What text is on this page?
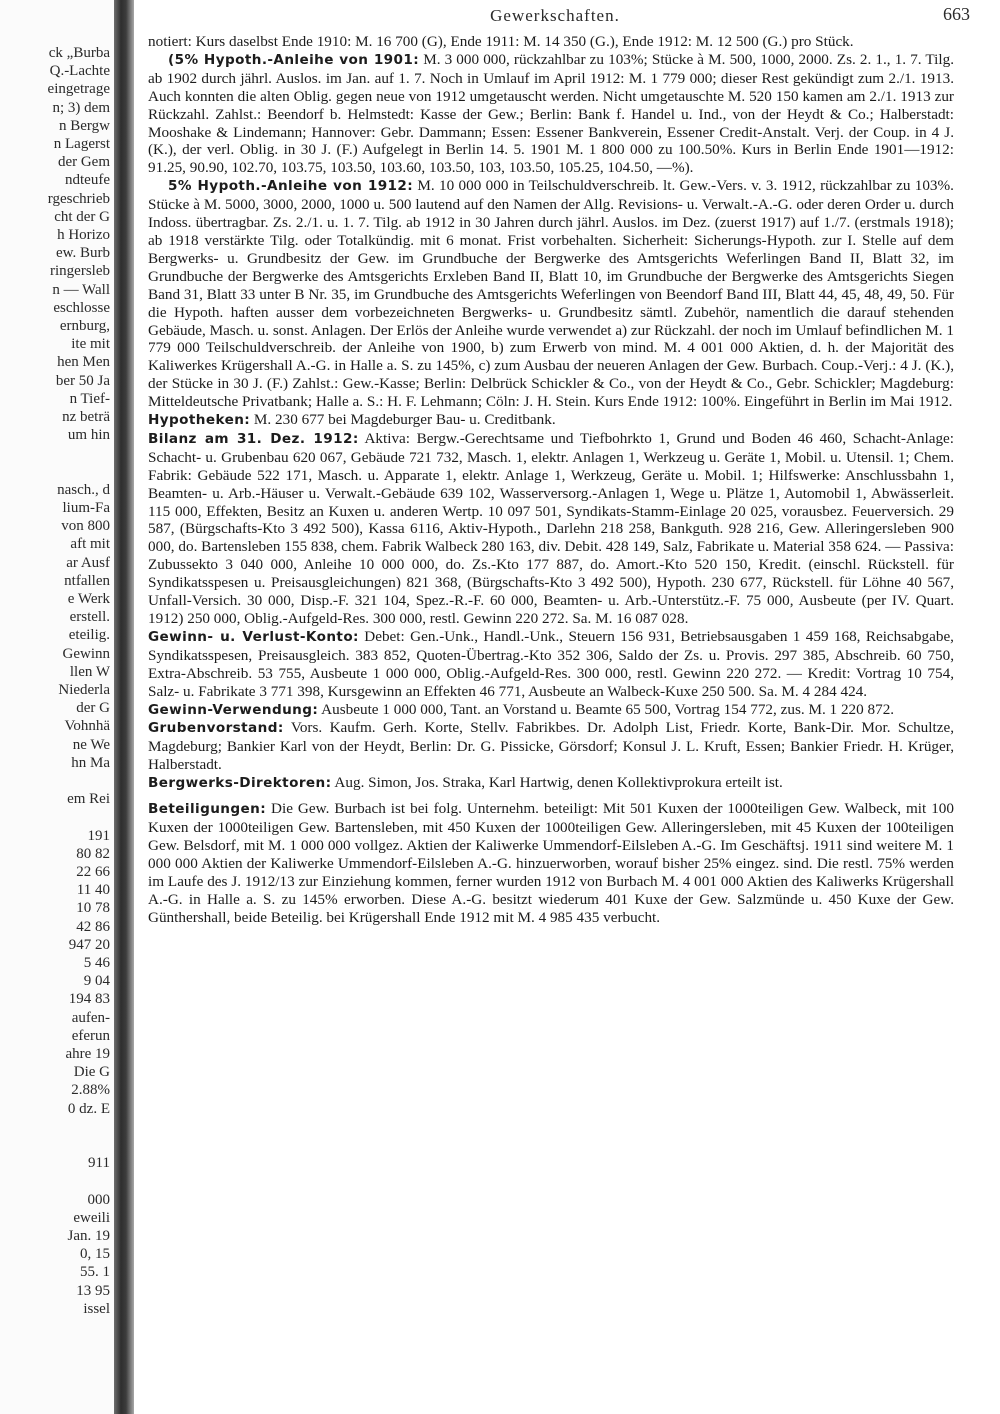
ck „Burba
Q.-Lachte
eingetrage
n; 3) dem
n Bergw
n Lagerst
der Gem
ndteufe
rgeschrieb
cht der G
h Horizo
ew. Burb
ringersleb
n — Wall
eschlosse
ernburg,
ite mit
hen Men
ber 50 Ja
n Tief-
nz beträ
um hin
nasch., d
lium-Fa
von 800
aft mit
ar Ausf
ntfallen
e Werk
erstell.
eteilig.
Gewinn
llen W
Niederla
der G
Vohnhä
ne We
hn Ma
em Rei
191
80 82
22 66
11 40
10 78
42 86
947 20
5 46
9 04
194 83
aufen-
eferun
ahre 19
Die G
2.88%
0 dz. E
911
000
eweili
Jan. 19
0, 15
55. 1
13 95
issel
Gewerkschaften.	663

notiert: Kurs daselbst Ende 1910: M. 16 700 (G), Ende 1911: M. 14 350 (G.), Ende 1912: M. 12 500 (G.) pro Stück.

(5% Hypoth.-Anleihe von 1901: M. 3 000 000, rückzahlbar zu 103%; Stücke à M. 500, 1000, 2000. Zs. 2. 1., 1. 7. Tilg. ab 1902 durch jährl. Auslos. im Jan. auf 1. 7. Noch in Umlauf im April 1912: M. 1 779 000; dieser Rest gekündigt zum 2./1. 1913. Auch konnten die alten Oblig. gegen neue von 1912 umgetauscht werden. Nicht umgetauschte M. 520 150 kamen am 2./1. 1913 zur Rückzahl. Zahlst.: Beendorf b. Helmstedt: Kasse der Gew.; Berlin: Bank f. Handel u. Ind., von der Heydt & Co.; Halberstadt: Mooshake & Lindemann; Hannover: Gebr. Dammann; Essen: Essener Bankverein, Essener Credit-Anstalt. Verj. der Coup. in 4 J. (K.), der verl. Oblig. in 30 J. (F.) Aufgelegt in Berlin 14. 5. 1901 M. 1 800 000 zu 100.50%. Kurs in Berlin Ende 1901—1912: 91.25, 90.90, 102.70, 103.75, 103.50, 103.60, 103.50, 103, 103.50, 105.25, 104.50, —%).

5% Hypoth.-Anleihe von 1912: M. 10 000 000 in Teilschuldverschreib. lt. Gew.-Vers. v. 3. 1912, rückzahlbar zu 103%. Stücke à M. 5000, 3000, 2000, 1000 u. 500 lautend auf den Namen der Allg. Revisions- u. Verwalt.-A.-G. oder deren Order u. durch Indoss. übertragbar. Zs. 2./1. u. 1. 7. Tilg. ab 1912 in 30 Jahren durch jährl. Auslos. im Dez. (zuerst 1917) auf 1./7. (erstmals 1918); ab 1918 verstärkte Tilg. oder Totalkündig. mit 6 monat. Frist vorbehalten. Sicherheit: Sicherungs-Hypoth. zur I. Stelle auf dem Bergwerks- u. Grundbesitz der Gew. im Grundbuche der Bergwerke des Amtsgerichts Weferlingen Band II, Blatt 32, im Grundbuche der Bergwerke des Amtsgerichts Erxleben Band II, Blatt 10, im Grundbuche der Bergwerke des Amtsgerichts Siegen Band 31, Blatt 33 unter B Nr. 35, im Grundbuche des Amtsgerichts Weferlingen von Beendorf Band III, Blatt 44, 45, 48, 49, 50. Für die Hypoth. haften ausser dem vorbezeichneten Bergwerks- u. Grundbesitz sämtl. Zubehör, namentlich die darauf stehenden Gebäude, Masch. u. sonst. Anlagen. Der Erlös der Anleihe wurde verwendet a) zur Rückzahl. der noch im Umlauf befindlichen M. 1 779 000 Teilschuldverschreib. der Anleihe von 1900, b) zum Erwerb von mind. M. 4 001 000 Aktien, d. h. der Majorität des Kaliwerkes Krügershall A.-G. in Halle a. S. zu 145%, c) zum Ausbau der neueren Anlagen der Gew. Burbach. Coup.-Verj.: 4 J. (K.), der Stücke in 30 J. (F.) Zahlst.: Gew.-Kasse; Berlin: Delbrück Schickler & Co., von der Heydt & Co., Gebr. Schickler; Magdeburg: Mitteldeutsche Privatbank; Halle a. S.: H. F. Lehmann; Cöln: J. H. Stein. Kurs Ende 1912: 100%. Eingeführt in Berlin im Mai 1912.

Hypotheken: M. 230 677 bei Magdeburger Bau- u. Creditbank.

Bilanz am 31. Dez. 1912: Aktiva: Bergw.-Gerechtsame und Tiefbohrkto 1, Grund und Boden 46 460, Schacht-Anlage: Schacht- u. Grubenbau 620 067, Gebäude 721 732, Masch. 1, elektr. Anlagen 1, Werkzeug u. Geräte 1, Mobil. u. Utensil. 1; Chem. Fabrik: Gebäude 522 171, Masch. u. Apparate 1, elektr. Anlage 1, Werkzeug, Geräte u. Mobil. 1; Hilfswerke: Anschlussbahn 1, Beamten- u. Arb.-Häuser u. Verwalt.-Gebäude 639 102, Wasserversorg.-Anlagen 1, Wege u. Plätze 1, Automobil 1, Abwässerleit. 115 000, Effekten, Besitz an Kuxen u. anderen Wertp. 10 097 501, Syndikats-Stamm-Einlage 20 025, vorausbez. Feuerversich. 29 587, (Bürgschafts-Kto 3 492 500), Kassa 6116, Aktiv-Hypoth., Darlehn 218 258, Bankguth. 928 216, Gew. Alleringersleben 900 000, do. Bartensleben 155 838, chem. Fabrik Walbeck 280 163, div. Debit. 428 149, Salz, Fabrikate u. Material 358 624. — Passiva: Zubussekto 3 040 000, Anleihe 10 000 000, do. Zs.-Kto 177 887, do. Amort.-Kto 520 150, Kredit. (einschl. Rückstell. für Syndikatsspesen u. Preisausgleichungen) 821 368, (Bürgschafts-Kto 3 492 500), Hypoth. 230 677, Rückstell. für Löhne 40 567, Unfall-Versich. 30 000, Disp.-F. 321 104, Spez.-R.-F. 60 000, Beamten- u. Arb.-Unterstütz.-F. 75 000, Ausbeute (per IV. Quart. 1912) 250 000, Oblig.-Aufgeld-Res. 300 000, restl. Gewinn 220 272. Sa. M. 16 087 028.

Gewinn- u. Verlust-Konto: Debet: Gen.-Unk., Handl.-Unk., Steuern 156 931, Betriebsausgaben 1 459 168, Reichsabgabe, Syndikatsspesen, Preisausgleich. 383 852, Quoten-Übertrag.-Kto 352 306, Saldo der Zs. u. Provis. 297 385, Abschreib. 60 750, Extra-Abschreib. 53 755, Ausbeute 1 000 000, Oblig.-Aufgeld-Res. 300 000, restl. Gewinn 220 272. — Kredit: Vortrag 10 754, Salz- u. Fabrikate 3 771 398, Kursgewinn an Effekten 46 771, Ausbeute an Walbeck-Kuxe 250 500. Sa. M. 4 284 424.

Gewinn-Verwendung: Ausbeute 1 000 000, Tant. an Vorstand u. Beamte 65 500, Vortrag 154 772, zus. M. 1 220 872.

Grubenvorstand: Vors. Kaufm. Gerh. Korte, Stellv. Fabrikbes. Dr. Adolph List, Friedr. Korte, Bank-Dir. Mor. Schultze, Magdeburg; Bankier Karl von der Heydt, Berlin: Dr. G. Pissicke, Görsdorf; Konsul J. L. Kruft, Essen; Bankier Friedr. H. Krüger, Halberstadt.

Bergwerks-Direktoren: Aug. Simon, Jos. Straka, Karl Hartwig, denen Kollektivprokura erteilt ist.

Beteiligungen: Die Gew. Burbach ist bei folg. Unternehm. beteiligt: Mit 501 Kuxen der 1000teiligen Gew. Walbeck, mit 100 Kuxen der 1000teiligen Gew. Bartensleben, mit 450 Kuxen der 1000teiligen Gew. Alleringersleben, mit 45 Kuxen der 100teiligen Gew. Belsdorf, mit M. 1 000 000 vollgez. Aktien der Kaliwerke Ummendorf-Eilsleben A.-G. Im Geschäftsj. 1911 sind weitere M. 1 000 000 Aktien der Kaliwerke Ummendorf-Eilsleben A.-G. hinzuerworben, worauf bisher 25% eingez. sind. Die restl. 75% werden im Laufe des J. 1912/13 zur Einziehung kommen, ferner wurden 1912 von Burbach M. 4 001 000 Aktien des Kaliwerks Krügershall A.-G. in Halle a. S. zu 145% erworben. Diese A.-G. besitzt wiederum 401 Kuxe der Gew. Salzmünde u. 450 Kuxe der Gew. Günthershall, beide Beteilig. bei Krügershall Ende 1912 mit M. 4 985 435 verbucht.
